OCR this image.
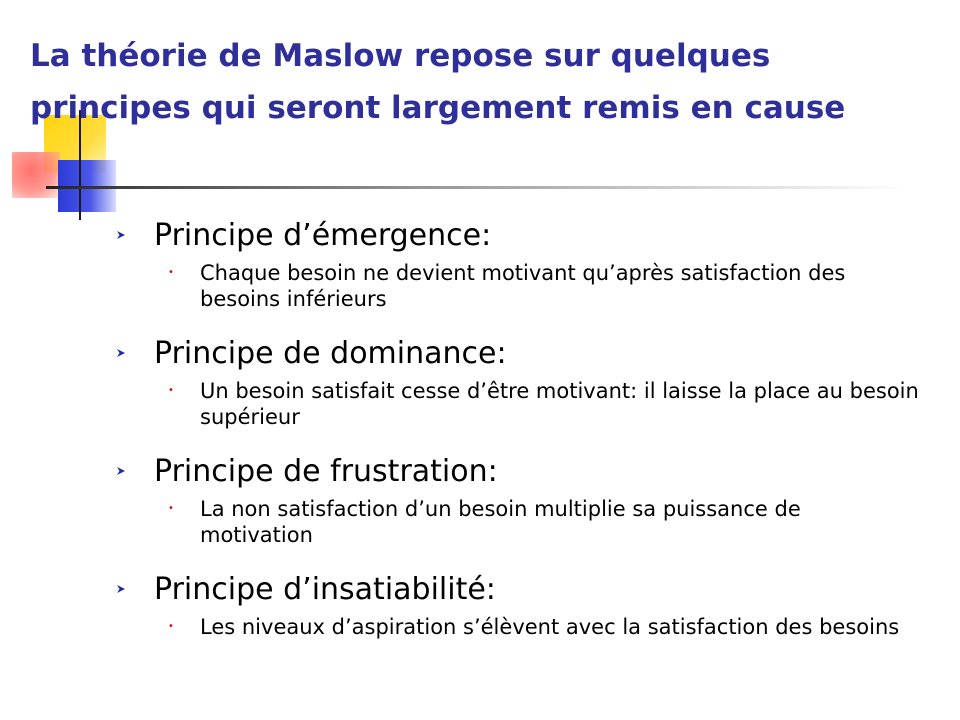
La théorie de Maslow repose sur quelques principes qui seront largement remis en cause
Principe d’émergence:
•	Chaque besoin ne devient motivant qu’après satisfaction des besoins inférieurs
Principe de dominance:
•	Un besoin satisfait cesse d’être motivant: il laisse la place au besoin supérieur
Principe de frustration:
•	La non satisfaction d’un besoin multiplie sa puissance de motivation
Principe d’insatiabilité:
•	Les niveaux d’aspiration s’élèvent avec la satisfaction des besoins
